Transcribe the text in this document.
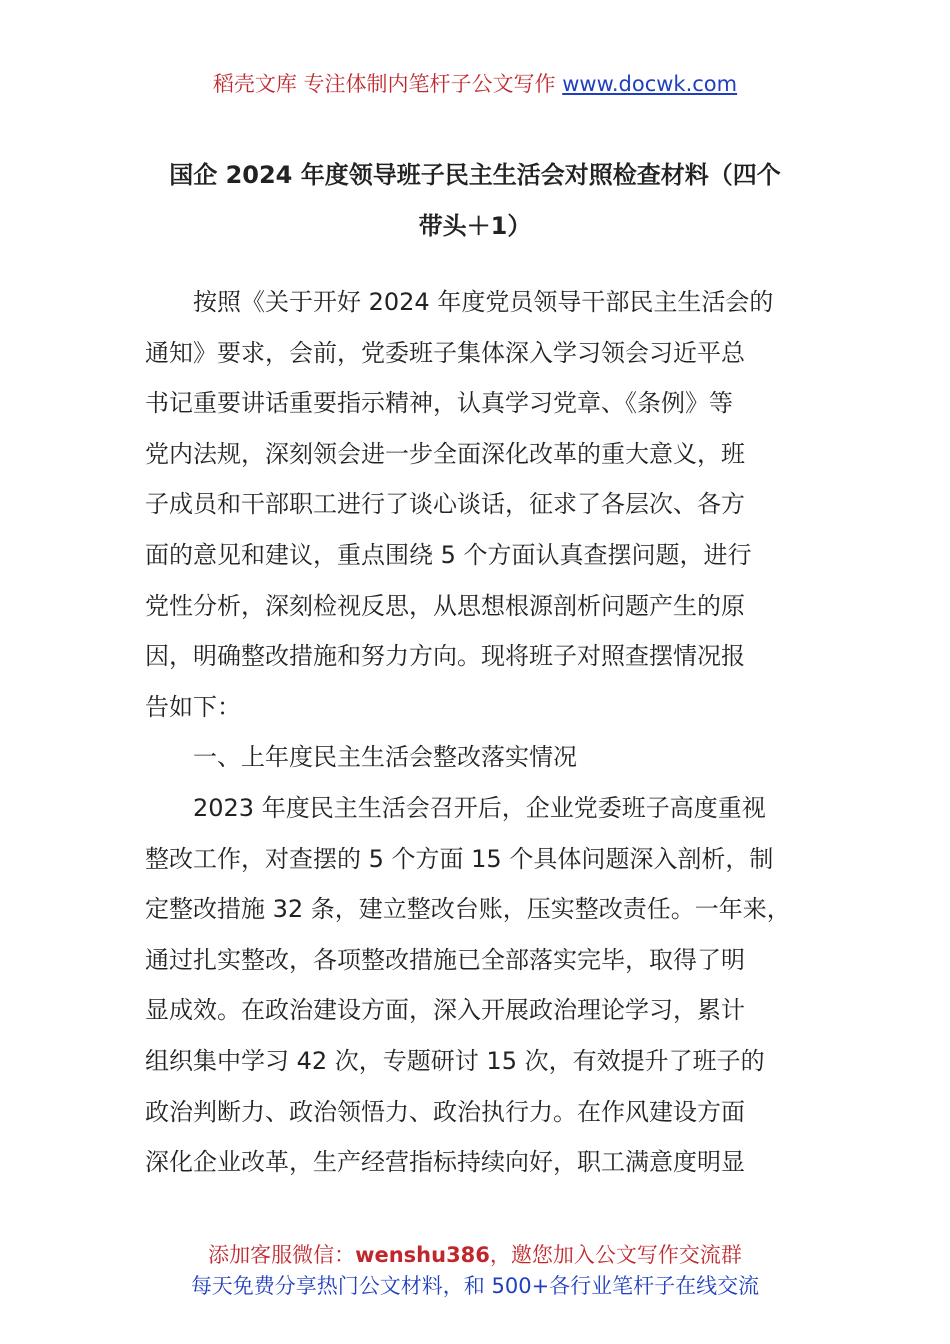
稻壳文库 专注体制内笔杆子公文写作 www.docwk.com
国企 2024 年度领导班子民主生活会对照检查材料（四个
带头＋1）
按照《关于开好 2024 年度党员领导干部民主生活会的
通知》要求，会前，党委班子集体深入学习领会习近平总
书记重要讲话重要指示精神，认真学习党章、《条例》等
党内法规，深刻领会进一步全面深化改革的重大意义，班
子成员和干部职工进行了谈心谈话，征求了各层次、各方
面的意见和建议，重点围绕 5 个方面认真查摆问题，进行
党性分析，深刻检视反思，从思想根源剖析问题产生的原
因，明确整改措施和努力方向。现将班子对照查摆情况报
告如下：
一、上年度民主生活会整改落实情况
2023 年度民主生活会召开后，企业党委班子高度重视
整改工作，对查摆的 5 个方面 15 个具体问题深入剖析，制
定整改措施 32 条，建立整改台账，压实整改责任。一年来，
通过扎实整改，各项整改措施已全部落实完毕，取得了明
显成效。在政治建设方面，深入开展政治理论学习，累计
组织集中学习 42 次，专题研讨 15 次，有效提升了班子的
政治判断力、政治领悟力、政治执行力。在作风建设方面
深化企业改革，生产经营指标持续向好，职工满意度明显
添加客服微信：wenshu386，邀您加入公文写作交流群
每天免费分享热门公文材料，和 500+各行业笔杆子在线交流
